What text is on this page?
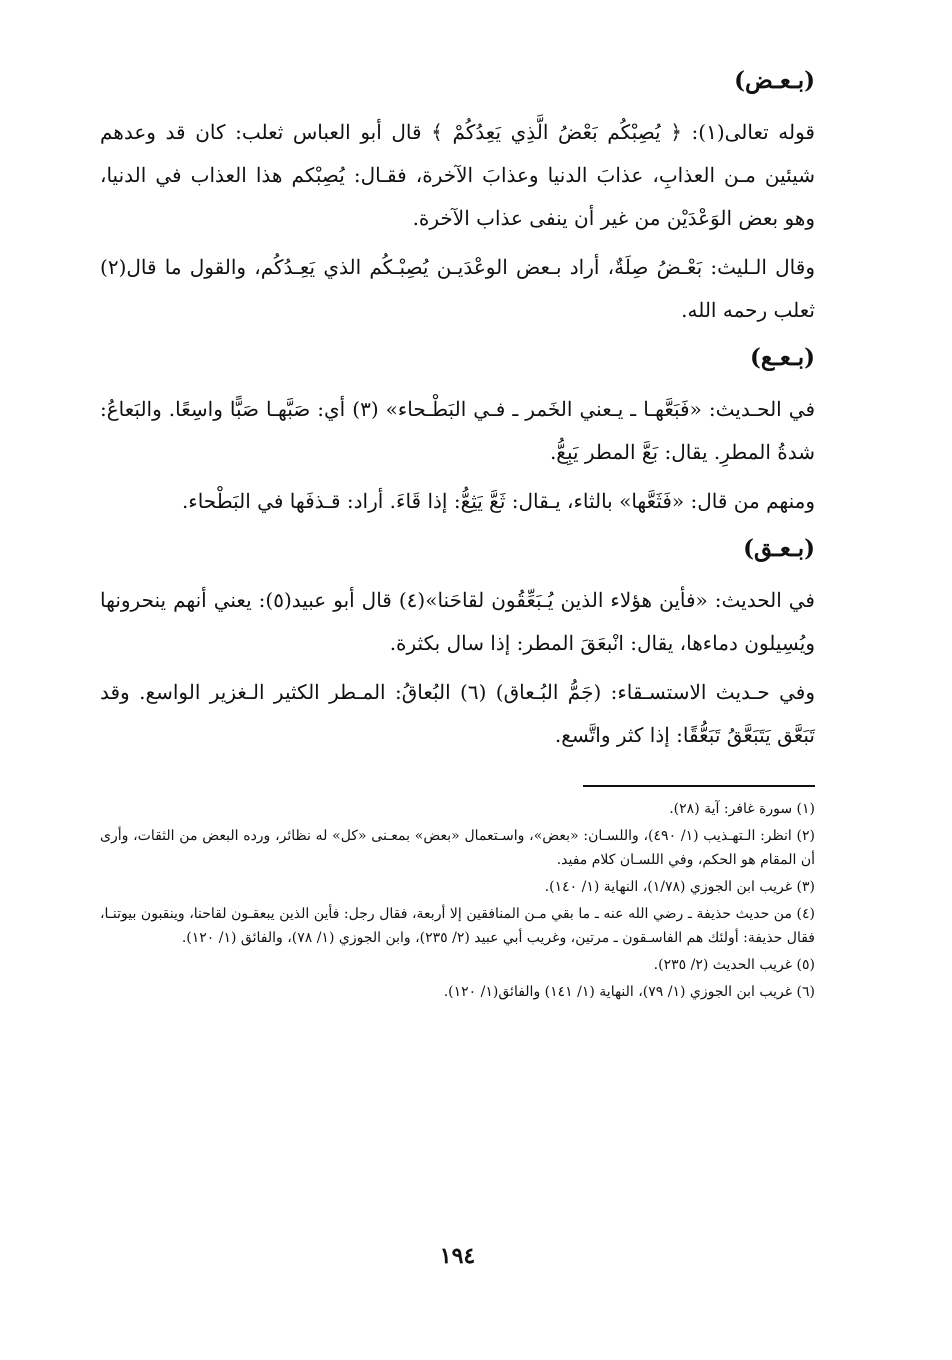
(بـعـض)

قوله تعالى(١): ﴿ يُصِبْكُم بَعْضُ الَّذِي يَعِدُكُمْ ﴾ قال أبو العباس ثعلب: كان قد وعدهم شيئين مـن العذابِ، عذابَ الدنيا وعذابَ الآخرة، فقـال: يُصِبْكم هذا العذاب في الدنيا، وهو بعض الوَعْدَيْن من غير أن ينفى عذاب الآخرة.

وقال الـليث: بَعْـضُ صِلَةٌ، أراد بـعض الوعْدَيـن يُصِبْـكُم الذي يَعِـدُكُم، والقول ما قال(٢) ثعلب رحمه الله.

(بـعـع)

في الحـديث: «فَبَعَّهـا ـ يـعني الخَمر ـ فـي البَطْـحاء» (٣) أي: صَبَّهـا صَبًّا واسِعًا. والبَعاعُ: شدةُ المطرِ. يقال: بَعَّ المطر يَبِعُّ.

ومنهم من قال: «فَثَعَّها» بالثاء، يـقال: ثَعَّ يَثِعُّ: إذا قَاءَ. أراد: قـذفَها في البَطْحاء.

(بـعـق)

في الحديث: «فأين هؤلاء الذين يُـبَعِّقُون لقاحَنا»(٤) قال أبو عبيد(٥): يعني أنهم ينحرونها ويُسِيلون دماءها، يقال: انْبعَقَ المطر: إذا سال بكثرة.

وفي حـديث الاستسـقاء: (جَمُّ البُـعاق) (٦) البُعاقُ: المـطر الكثير الـغزير الواسع. وقد تَبَعَّق يَتَبَعَّقُ تَبَعُّقًا: إذا كثر واتَّسع.

(١) سورة غافر: آية (٢٨).

(٢) انظر: الـتهـذيب (١/ ٤٩٠)، واللسـان: «بعض»، واسـتعمال «بعض» بمعـنى «كل» له نظائر، ورده البعض من الثقات، وأرى أن المقام هو الحكم، وفي اللسـان كلام مفيد.

(٣) غريب ابن الجوزي (١/٧٨)، النهاية (١/ ١٤٠).

(٤) من حديث حذيفة ـ رضي الله عنه ـ ما بقي مـن المنافقين إلا أربعة، فقال رجل: فأين الذين يبعقـون لقاحنا، وينقبون بيوتنـا، فقال حذيفة: أولئك هم الفاسـقون ـ مرتين، وغريب أبي عبيد (٢/ ٢٣٥)، وابن الجوزي (١/ ٧٨)، والفائق (١/ ١٢٠).

(٥) غريب الحديث (٢/ ٢٣٥).

(٦) غريب ابن الجوزي (١/ ٧٩)، النهاية (١/ ١٤١) والفائق(١/ ١٢٠).

١٩٤
